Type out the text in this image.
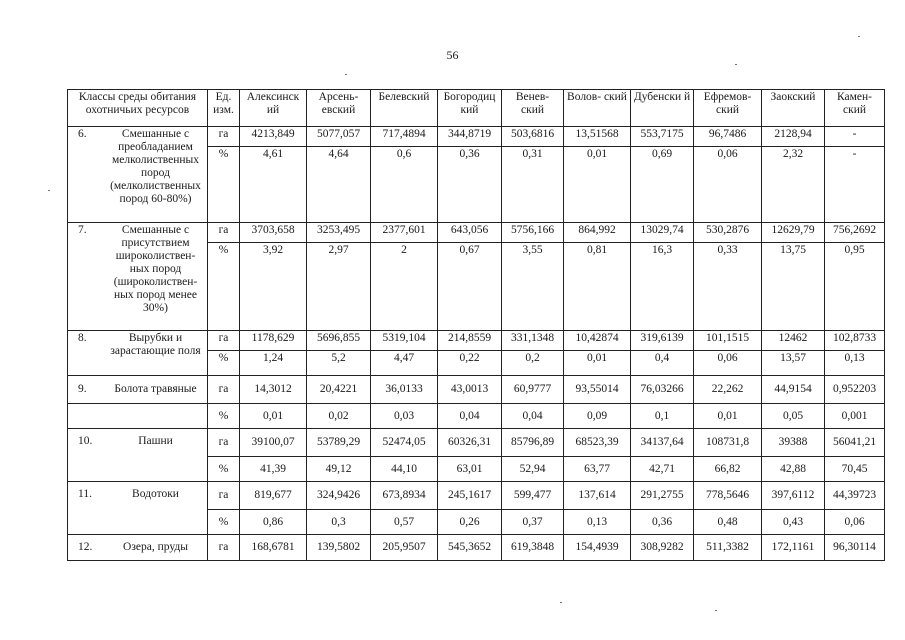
56
Классы среды обитания охотничьих ресурсов	Ед. изм.	Алексинск ий	Арсень- евский	Белевский	Богородиц кий	Венев- ский	Волов- ский	Дубенски й	Ефремов- ский	Заокский	Камен- ский

6. Смешанные с преобладанием мелколиственных пород (мелколиственных пород 60-80%)	га	4213,849	5077,057	717,4894	344,8719	503,6816	13,51568	553,7175	96,7486	2128,94	-
	%	4,61	4,64	0,6	0,36	0,31	0,01	0,69	0,06	2,32	-

7. Смешанные с присутствием широколиствен- ных пород (широколиствен- ных пород менее 30%)	га	3703,658	3253,495	2377,601	643,056	5756,166	864,992	13029,74	530,2876	12629,79	756,2692
	%	3,92	2,97	2	0,67	3,55	0,81	16,3	0,33	13,75	0,95

8. Вырубки и зарастающие поля	га	1178,629	5696,855	5319,104	214,8559	331,1348	10,42874	319,6139	101,1515	12462	102,8733
	%	1,24	5,2	4,47	0,22	0,2	0,01	0,4	0,06	13,57	0,13

9. Болота травяные	га	14,3012	20,4221	36,0133	43,0013	60,9777	93,55014	76,03266	22,262	44,9154	0,952203
	%	0,01	0,02	0,03	0,04	0,04	0,09	0,1	0,01	0,05	0,001

10. Пашни	га	39100,07	53789,29	52474,05	60326,31	85796,89	68523,39	34137,64	108731,8	39388	56041,21
	%	41,39	49,12	44,10	63,01	52,94	63,77	42,71	66,82	42,88	70,45

11. Водотоки	га	819,677	324,9426	673,8934	245,1617	599,477	137,614	291,2755	778,5646	397,6112	44,39723
	%	0,86	0,3	0,57	0,26	0,37	0,13	0,36	0,48	0,43	0,06

12. Озера, пруды	га	168,6781	139,5802	205,9507	545,3652	619,3848	154,4939	308,9282	511,3382	172,1161	96,30114
